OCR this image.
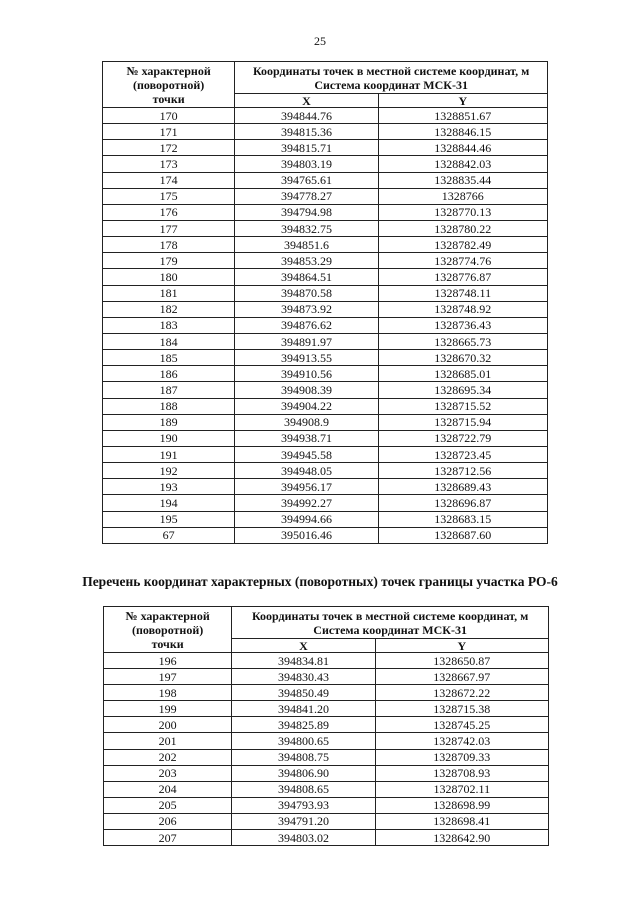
25
№ характерной
(поворотной)
точки	Координаты точек в местной системе координат, м
Система координат МСК-31	

	X	Y
170	394844.76	1328851.67
171	394815.36	1328846.15
172	394815.71	1328844.46
173	394803.19	1328842.03
174	394765.61	1328835.44
175	394778.27	1328766
176	394794.98	1328770.13
177	394832.75	1328780.22
178	394851.6	1328782.49
179	394853.29	1328774.76
180	394864.51	1328776.87
181	394870.58	1328748.11
182	394873.92	1328748.92
183	394876.62	1328736.43
184	394891.97	1328665.73
185	394913.55	1328670.32
186	394910.56	1328685.01
187	394908.39	1328695.34
188	394904.22	1328715.52
189	394908.9	1328715.94
190	394938.71	1328722.79
191	394945.58	1328723.45
192	394948.05	1328712.56
193	394956.17	1328689.43
194	394992.27	1328696.87
195	394994.66	1328683.15
67	395016.46	1328687.60
Перечень координат характерных (поворотных) точек границы участка РО-6
№ характерной
(поворотной)
точки	Координаты точек в местной системе координат, м
Система координат МСК-31	

	X	Y
196	394834.81	1328650.87
197	394830.43	1328667.97
198	394850.49	1328672.22
199	394841.20	1328715.38
200	394825.89	1328745.25
201	394800.65	1328742.03
202	394808.75	1328709.33
203	394806.90	1328708.93
204	394808.65	1328702.11
205	394793.93	1328698.99
206	394791.20	1328698.41
207	394803.02	1328642.90
